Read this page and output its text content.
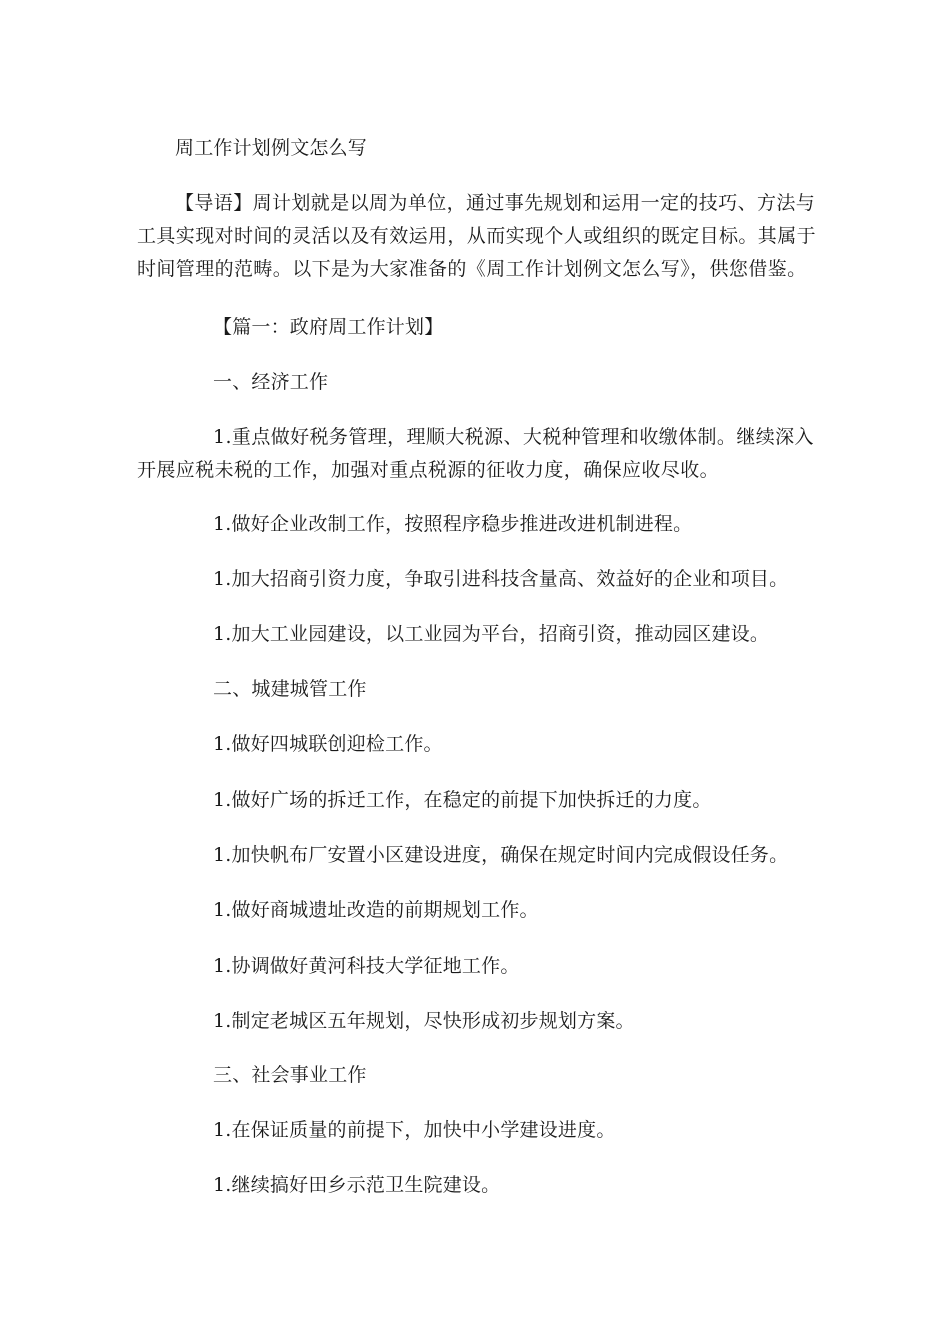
周工作计划例文怎么写

【导语】周计划就是以周为单位，通过事先规划和运用一定的技巧、方法与
工具实现对时间的灵活以及有效运用，从而实现个人或组织的既定目标。其属于
时间管理的范畴。以下是为大家准备的《周工作计划例文怎么写》，供您借鉴。

【篇一：政府周工作计划】

一、经济工作

1.重点做好税务管理，理顺大税源、大税种管理和收缴体制。继续深入
开展应税未税的工作，加强对重点税源的征收力度，确保应收尽收。

1.做好企业改制工作，按照程序稳步推进改进机制进程。

1.加大招商引资力度，争取引进科技含量高、效益好的企业和项目。

1.加大工业园建设，以工业园为平台，招商引资，推动园区建设。

二、城建城管工作

1.做好四城联创迎检工作。

1.做好广场的拆迁工作，在稳定的前提下加快拆迁的力度。

1.加快帆布厂安置小区建设进度，确保在规定时间内完成假设任务。

1.做好商城遗址改造的前期规划工作。

1.协调做好黄河科技大学征地工作。

1.制定老城区五年规划，尽快形成初步规划方案。

三、社会事业工作

1.在保证质量的前提下，加快中小学建设进度。

1.继续搞好田乡示范卫生院建设。
